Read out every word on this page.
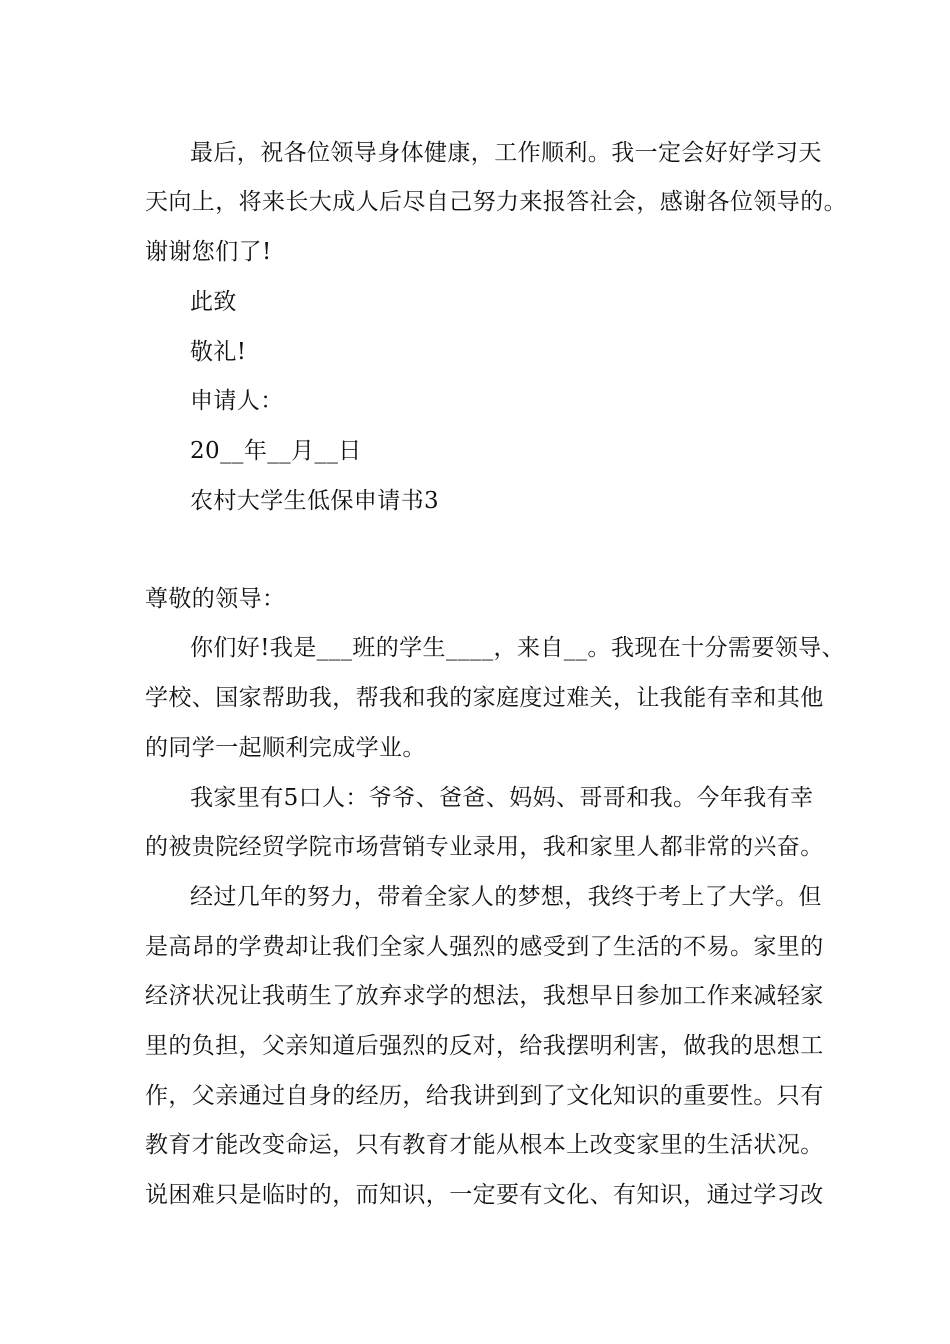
最后，祝各位领导身体健康，工作顺利。我一定会好好学习天
天向上，将来长大成人后尽自己努力来报答社会，感谢各位领导的。
谢谢您们了!
此致
敬礼!
申请人：
20__年__月__日
农村大学生低保申请书3
尊敬的领导：
你们好!我是___班的学生____，来自__。我现在十分需要领导、
学校、国家帮助我，帮我和我的家庭度过难关，让我能有幸和其他
的同学一起顺利完成学业。
我家里有5口人：爷爷、爸爸、妈妈、哥哥和我。今年我有幸
的被贵院经贸学院市场营销专业录用，我和家里人都非常的兴奋。
经过几年的努力，带着全家人的梦想，我终于考上了大学。但
是高昂的学费却让我们全家人强烈的感受到了生活的不易。家里的
经济状况让我萌生了放弃求学的想法，我想早日参加工作来减轻家
里的负担，父亲知道后强烈的反对，给我摆明利害，做我的思想工
作，父亲通过自身的经历，给我讲到到了文化知识的重要性。只有
教育才能改变命运，只有教育才能从根本上改变家里的生活状况。
说困难只是临时的，而知识，一定要有文化、有知识，通过学习改
